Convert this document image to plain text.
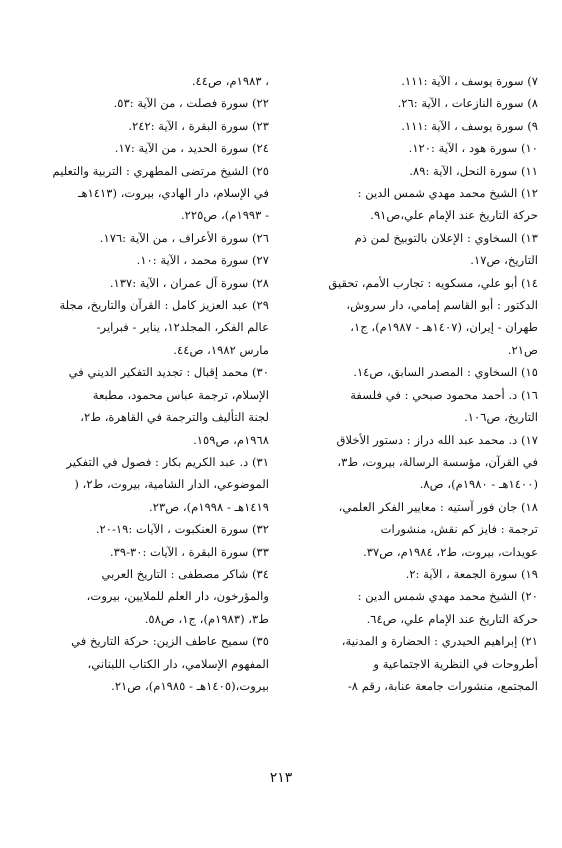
٧) سورة يوسف ، الآية :١١١.

٨) سورة النازعات ، الآية :٢٦.

٩) سورة يوسف ، الآية :١١١.

١٠) سورة هود ، الآية :١٢٠.

١١) سورة النحل، الآية :٨٩.

١٢) الشيخ محمد مهدي شمس الدين :

حركة التاريخ عند الإمام علي،ص٩١.

١٣) السخاوي : الإعلان بالتوبيخ لمن ذم

التاريخ، ص١٧.

١٤) أبو علي، مسكويه : تجارب الأمم، تحقيق

الدكتور : أبو القاسم إمامي، دار سروش،

طهران - إيران، (١٤٠٧هـ - ١٩٨٧م)، ج١،

ص٢١.

١٥) السخاوي : المصدر السابق، ص١٤.

١٦) د. أحمد محمود صبحي : في فلسفة

التاريخ، ص١٠٦.

١٧) د. محمد عبد الله دراز : دستور الأخلاق

في القرآن، مؤسسة الرسالة، بيروت، ط٣،

(١٤٠٠هـ - ١٩٨٠م)، ص٨.

١٨) جان فور آستيه : معايير الفكر العلمي،

ترجمة : فايز كم نقش، منشورات

عويدات، بيروت، ط٢، ١٩٨٤م، ص٣٧.

١٩) سورة الجمعة ، الآية :٢.

٢٠) الشيخ محمد مهدي شمس الدين :

حركة التاريخ عند الإمام علي، ص٦٤.

٢١) إبراهيم الحيدري : الحضارة و المدنية،

أطروحات في النظرية الاجتماعية و

المجتمع، منشورات جامعة عنابة، رقم ٨-

، ١٩٨٣م، ص٤٤.

٢٢) سورة فصلت ، من الآية :٥٣.

٢٣) سورة البقرة ، الآية :٢٤٢.

٢٤) سورة الحديد ، من الآية :١٧.

٢٥) الشيخ مرتضى المطهري : التربية والتعليم

في الإسلام، دار الهادي، بيروت، (١٤١٣هـ

- ١٩٩٣م)، ص٢٢٥.

٢٦) سورة الأعراف ، من الآية :١٧٦.

٢٧) سورة محمد ، الآية :١٠.

٢٨) سورة آل عمران ، الآية :١٣٧.

٢٩) عبد العزيز كامل : القرآن والتاريخ، مجلة

عالم الفكر، المجلد١٢، يناير - فبراير-

مارس ١٩٨٢، ص٤٤.

٣٠) محمد إقبال : تجديد التفكير الديني في

الإسلام، ترجمة عباس محمود، مطبعة

لجنة التأليف والترجمة في القاهرة، ط٢،

١٩٦٨م، ص١٥٩.

٣١) د. عبد الكريم بكار : فصول في التفكير

الموضوعي، الدار الشامية، بيروت، ط٢، (

١٤١٩هـ - ١٩٩٨م)، ص٢٣.

٣٢) سورة العنكبوت ، الآيات :١٩-٢٠.

٣٣) سورة البقرة ، الآيات :٣٠-٣٩.

٣٤) شاكر مصطفى : التاريخ العربي

والمؤرخون، دار العلم للملايين، بيروت،

ط٣، (١٩٨٣م)، ج١، ص٥٨.

٣٥) سميح عاطف الزين: حركة التاريخ في

المفهوم الإسلامي، دار الكتاب اللبناني،

بيروت،(١٤٠٥هـ - ١٩٨٥م)، ص٢١.

٢١٣
